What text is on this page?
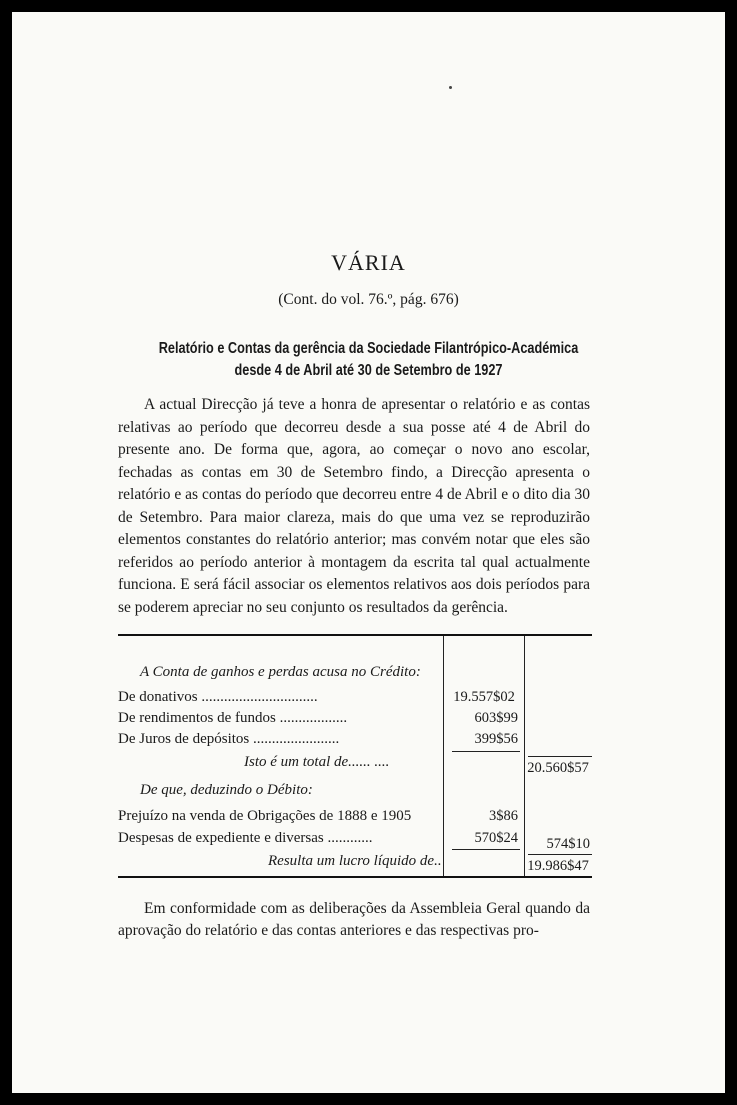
VÁRIA
(Cont. do vol. 76.º, pág. 676)
Relatório e Contas da gerência da Sociedade Filantrópico-Académica
desde 4 de Abril até 30 de Setembro de 1927
A actual Direcção já teve a honra de apresentar o relatório e as contas relativas ao período que decorreu desde a sua posse até 4 de Abril do presente ano. De forma que, agora, ao começar o novo ano escolar, fechadas as contas em 30 de Setembro findo, a Direcção apresenta o relatório e as contas do período que decorreu entre 4 de Abril e o dito dia 30 de Setembro. Para maior clareza, mais do que uma vez se reproduzirão elementos constantes do relatório anterior; mas convém notar que eles são referidos ao período anterior à montagem da escrita tal qual actualmente funciona. E será fácil associar os elementos relativos aos dois períodos para se poderem apreciar no seu conjunto os resultados da gerência.
A Conta de ganhos e perdas acusa no Crédito:
De donativos ...............................	19.557$02
De rendimentos de fundos ..................	603$99
De Juros de depósitos .......................	399$56
Isto é um total de...... ....	20.560$57
De que, deduzindo o Débito:
Prejuízo na venda de Obrigações de 1888 e 1905	3$86
Despesas de expediente e diversas ............	570$24	574$10
Resulta um lucro líquido de..	19.986$47
Em conformidade com as deliberações da Assembleia Geral quando da aprovação do relatório e das contas anteriores e das respectivas pro-
